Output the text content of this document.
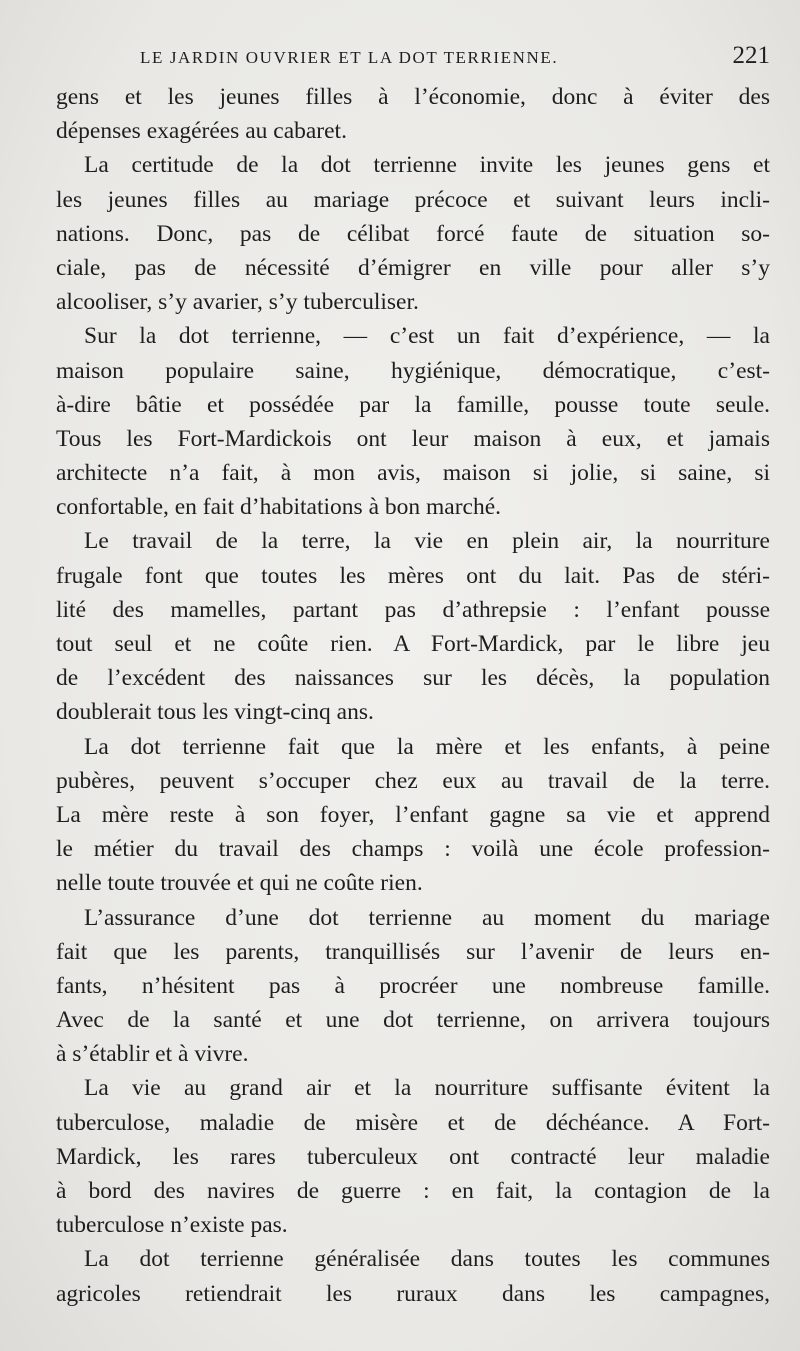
LE JARDIN OUVRIER ET LA DOT TERRIENNE.	221
gens et les jeunes filles à l’économie, donc à éviter des
dépenses exagérées au cabaret.
La certitude de la dot terrienne invite les jeunes gens et
les jeunes filles au mariage précoce et suivant leurs incli-
nations. Donc, pas de célibat forcé faute de situation so-
ciale, pas de nécessité d’émigrer en ville pour aller s’y
alcooliser, s’y avarier, s’y tuberculiser.
Sur la dot terrienne, — c’est un fait d’expérience, — la
maison populaire saine, hygiénique, démocratique, c’est-
à-dire bâtie et possédée par la famille, pousse toute seule.
Tous les Fort-Mardickois ont leur maison à eux, et jamais
architecte n’a fait, à mon avis, maison si jolie, si saine, si
confortable, en fait d’habitations à bon marché.
Le travail de la terre, la vie en plein air, la nourriture
frugale font que toutes les mères ont du lait. Pas de stéri-
lité des mamelles, partant pas d’athrepsie : l’enfant pousse
tout seul et ne coûte rien. A Fort-Mardick, par le libre jeu
de l’excédent des naissances sur les décès, la population
doublerait tous les vingt-cinq ans.
La dot terrienne fait que la mère et les enfants, à peine
pubères, peuvent s’occuper chez eux au travail de la terre.
La mère reste à son foyer, l’enfant gagne sa vie et apprend
le métier du travail des champs : voilà une école profession-
nelle toute trouvée et qui ne coûte rien.
L’assurance d’une dot terrienne au moment du mariage
fait que les parents, tranquillisés sur l’avenir de leurs en-
fants, n’hésitent pas à procréer une nombreuse famille.
Avec de la santé et une dot terrienne, on arrivera toujours
à s’établir et à vivre.
La vie au grand air et la nourriture suffisante évitent la
tuberculose, maladie de misère et de déchéance. A Fort-
Mardick, les rares tuberculeux ont contracté leur maladie
à bord des navires de guerre : en fait, la contagion de la
tuberculose n’existe pas.
La dot terrienne généralisée dans toutes les communes
agricoles retiendrait les ruraux dans les campagnes,
